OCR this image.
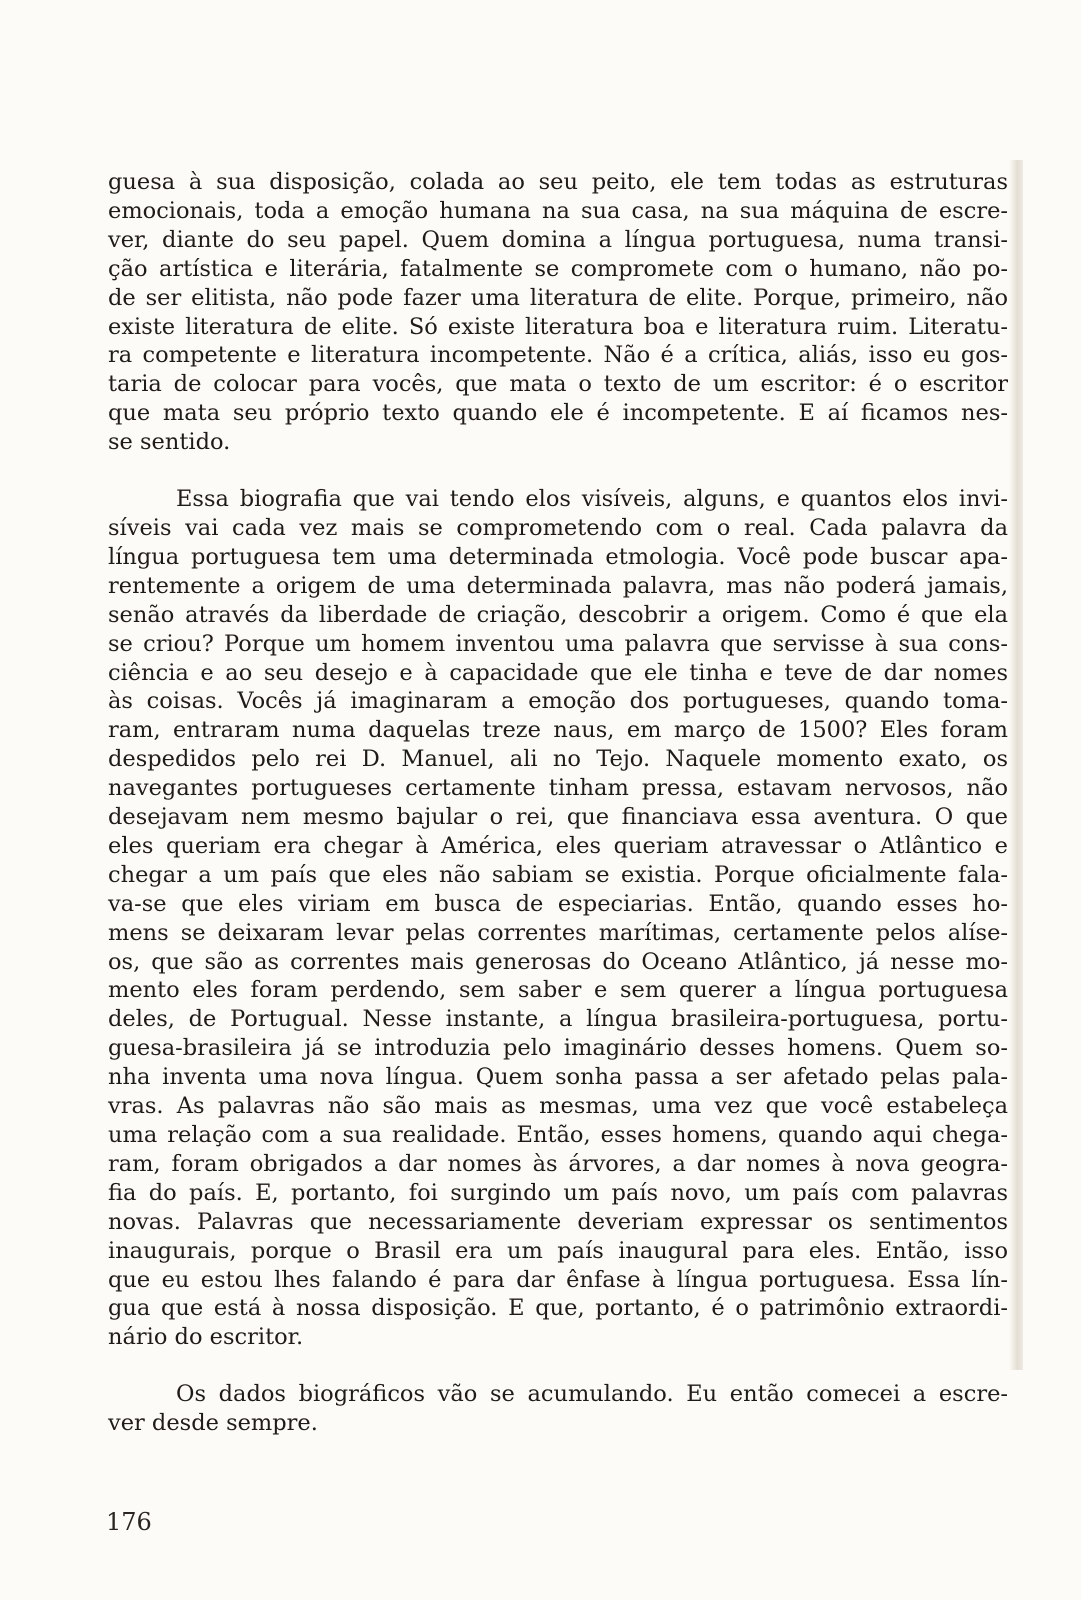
guesa à sua disposição, colada ao seu peito, ele tem todas as estruturas
emocionais, toda a emoção humana na sua casa, na sua máquina de escre-
ver, diante do seu papel. Quem domina a língua portuguesa, numa transi-
ção artística e literária, fatalmente se compromete com o humano, não po-
de ser elitista, não pode fazer uma literatura de elite. Porque, primeiro, não
existe literatura de elite. Só existe literatura boa e literatura ruim. Literatu-
ra competente e literatura incompetente. Não é a crítica, aliás, isso eu gos-
taria de colocar para vocês, que mata o texto de um escritor: é o escritor
que mata seu próprio texto quando ele é incompetente. E aí ficamos nes-
se sentido.
Essa biografia que vai tendo elos visíveis, alguns, e quantos elos invi-
síveis vai cada vez mais se comprometendo com o real. Cada palavra da
língua portuguesa tem uma determinada etmologia. Você pode buscar apa-
rentemente a origem de uma determinada palavra, mas não poderá jamais,
senão através da liberdade de criação, descobrir a origem. Como é que ela
se criou? Porque um homem inventou uma palavra que servisse à sua cons-
ciência e ao seu desejo e à capacidade que ele tinha e teve de dar nomes
às coisas. Vocês já imaginaram a emoção dos portugueses, quando toma-
ram, entraram numa daquelas treze naus, em março de 1500? Eles foram
despedidos pelo rei D. Manuel, ali no Tejo. Naquele momento exato, os
navegantes portugueses certamente tinham pressa, estavam nervosos, não
desejavam nem mesmo bajular o rei, que financiava essa aventura. O que
eles queriam era chegar à América, eles queriam atravessar o Atlântico e
chegar a um país que eles não sabiam se existia. Porque oficialmente fala-
va-se que eles viriam em busca de especiarias. Então, quando esses ho-
mens se deixaram levar pelas correntes marítimas, certamente pelos alíse-
os, que são as correntes mais generosas do Oceano Atlântico, já nesse mo-
mento eles foram perdendo, sem saber e sem querer a língua portuguesa
deles, de Portugual. Nesse instante, a língua brasileira-portuguesa, portu-
guesa-brasileira já se introduzia pelo imaginário desses homens. Quem so-
nha inventa uma nova língua. Quem sonha passa a ser afetado pelas pala-
vras. As palavras não são mais as mesmas, uma vez que você estabeleça
uma relação com a sua realidade. Então, esses homens, quando aqui chega-
ram, foram obrigados a dar nomes às árvores, a dar nomes à nova geogra-
fia do país. E, portanto, foi surgindo um país novo, um país com palavras
novas. Palavras que necessariamente deveriam expressar os sentimentos
inaugurais, porque o Brasil era um país inaugural para eles. Então, isso
que eu estou lhes falando é para dar ênfase à língua portuguesa. Essa lín-
gua que está à nossa disposição. E que, portanto, é o patrimônio extraordi-
nário do escritor.
Os dados biográficos vão se acumulando. Eu então comecei a escre-
ver desde sempre.
176
